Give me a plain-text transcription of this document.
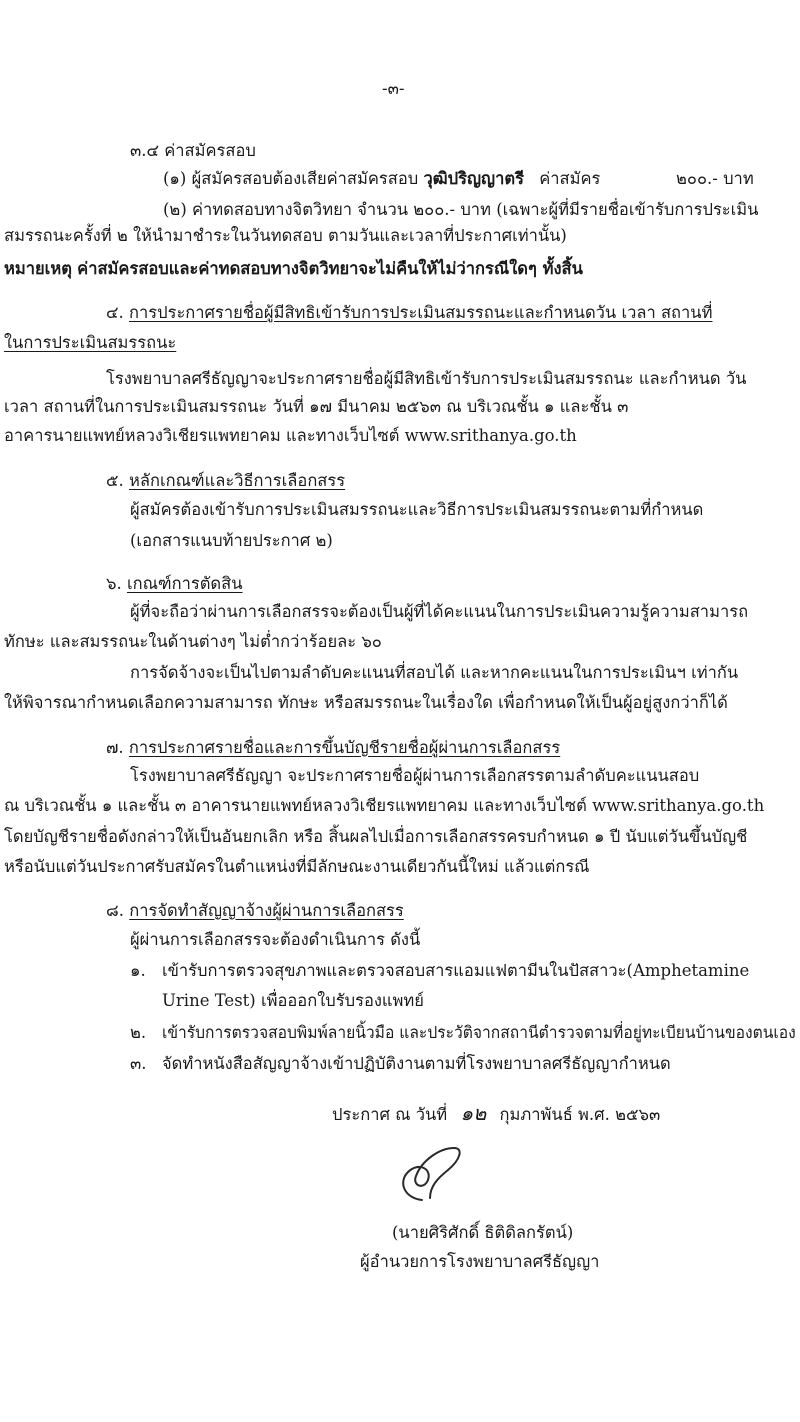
-๓-
๓.๔ ค่าสมัครสอบ
(๑) ผู้สมัครสอบต้องเสียค่าสมัครสอบ วุฒิปริญญาตรี ค่าสมัคร	๒๐๐.- บาท
(๒) ค่าทดสอบทางจิตวิทยา จำนวน ๒๐๐.- บาท (เฉพาะผู้ที่มีรายชื่อเข้ารับการประเมิน
สมรรถนะครั้งที่ ๒ ให้นำมาชำระในวันทดสอบ ตามวันและเวลาที่ประกาศเท่านั้น)
หมายเหตุ ค่าสมัครสอบและค่าทดสอบทางจิตวิทยาจะไม่คืนให้ไม่ว่ากรณีใดๆ ทั้งสิ้น
๔. การประกาศรายชื่อผู้มีสิทธิเข้ารับการประเมินสมรรถนะและกำหนดวัน เวลา สถานที่
ในการประเมินสมรรถนะ
โรงพยาบาลศรีธัญญาจะประกาศรายชื่อผู้มีสิทธิเข้ารับการประเมินสมรรถนะ และกำหนด วัน
เวลา สถานที่ในการประเมินสมรรถนะ วันที่ ๑๗ มีนาคม ๒๕๖๓ ณ บริเวณชั้น ๑ และชั้น ๓
อาคารนายแพทย์หลวงวิเชียรแพทยาคม และทางเว็บไซต์ www.srithanya.go.th
๕. หลักเกณฑ์และวิธีการเลือกสรร
ผู้สมัครต้องเข้ารับการประเมินสมรรถนะและวิธีการประเมินสมรรถนะตามที่กำหนด
(เอกสารแนบท้ายประกาศ ๒)
๖. เกณฑ์การตัดสิน
ผู้ที่จะถือว่าผ่านการเลือกสรรจะต้องเป็นผู้ที่ได้คะแนนในการประเมินความรู้ความสามารถ
ทักษะ และสมรรถนะในด้านต่างๆ ไม่ต่ำกว่าร้อยละ ๖๐
การจัดจ้างจะเป็นไปตามลำดับคะแนนที่สอบได้ และหากคะแนนในการประเมินฯ เท่ากัน
ให้พิจารณากำหนดเลือกความสามารถ ทักษะ หรือสมรรถนะในเรื่องใด เพื่อกำหนดให้เป็นผู้อยู่สูงกว่าก็ได้
๗. การประกาศรายชื่อและการขึ้นบัญชีรายชื่อผู้ผ่านการเลือกสรร
โรงพยาบาลศรีธัญญา จะประกาศรายชื่อผู้ผ่านการเลือกสรรตามลำดับคะแนนสอบ
ณ บริเวณชั้น ๑ และชั้น ๓ อาคารนายแพทย์หลวงวิเชียรแพทยาคม และทางเว็บไซต์ www.srithanya.go.th
โดยบัญชีรายชื่อดังกล่าวให้เป็นอันยกเลิก หรือ สิ้นผลไปเมื่อการเลือกสรรครบกำหนด ๑ ปี นับแต่วันขึ้นบัญชี
หรือนับแต่วันประกาศรับสมัครในตำแหน่งที่มีลักษณะงานเดียวกันนี้ใหม่ แล้วแต่กรณี
๘. การจัดทำสัญญาจ้างผู้ผ่านการเลือกสรร
ผู้ผ่านการเลือกสรรจะต้องดำเนินการ ดังนี้
๑. เข้ารับการตรวจสุขภาพและตรวจสอบสารแอมแฟตามีนในปัสสาวะ(Amphetamine
Urine Test) เพื่อออกใบรับรองแพทย์
๒. เข้ารับการตรวจสอบพิมพ์ลายนิ้วมือ และประวัติจากสถานีตำรวจตามที่อยู่ทะเบียนบ้านของตนเอง
๓. จัดทำหนังสือสัญญาจ้างเข้าปฏิบัติงานตามที่โรงพยาบาลศรีธัญญากำหนด
ประกาศ ณ วันที่ ๑๒ กุมภาพันธ์ พ.ศ. ๒๕๖๓
(นายศิริศักดิ์ ธิติดิลกรัตน์)
ผู้อำนวยการโรงพยาบาลศรีธัญญา
